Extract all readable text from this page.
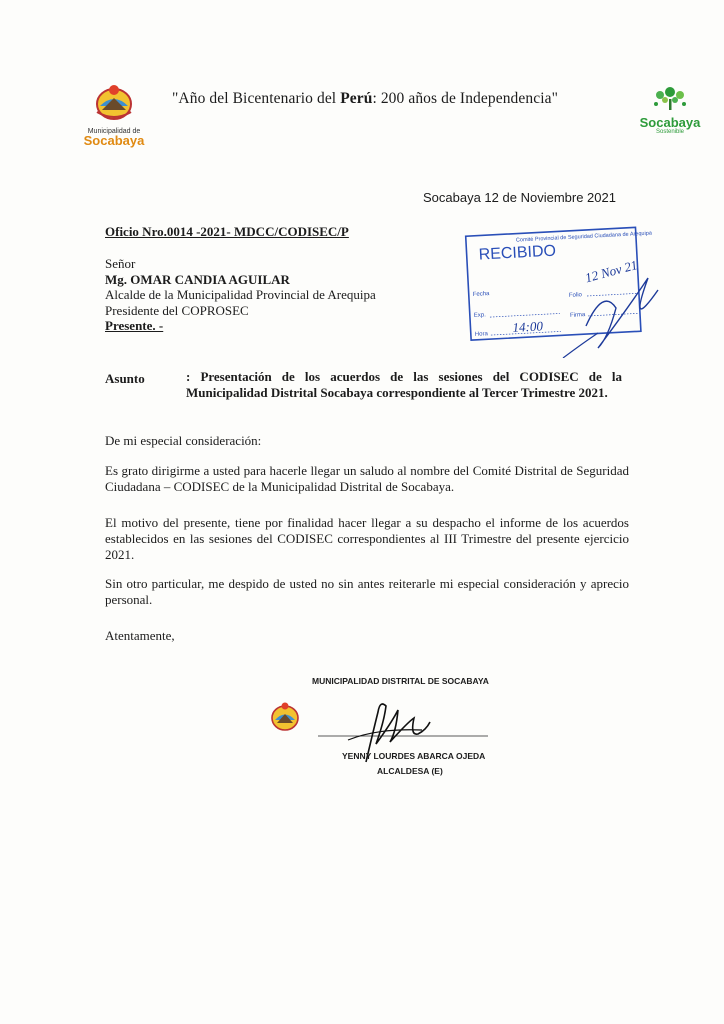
Municipalidad de
Socabaya
"Año del Bicentenario del Perú: 200 años de Independencia"
Socabaya
Sostenible
Socabaya 12 de Noviembre 2021
Oficio Nro.0014 -2021- MDCC/CODISEC/P
RECIBIDO
Comité Provincial de Seguridad Ciudadana de Arequipa
Fecha	Folio
Exp.	Firma
Hora 14:00
12 Nov 21
Señor
Mg. OMAR CANDIA AGUILAR
Alcalde de la Municipalidad Provincial de Arequipa
Presidente del COPROSEC
Presente. -
Asunto	: Presentación de los acuerdos de las sesiones del CODISEC de la Municipalidad Distrital Socabaya correspondiente al Tercer Trimestre 2021.
De mi especial consideración:
Es grato dirigirme a usted para hacerle llegar un saludo al nombre del Comité Distrital de Seguridad Ciudadana – CODISEC de la Municipalidad Distrital de Socabaya.
El motivo del presente, tiene por finalidad hacer llegar a su despacho el informe de los acuerdos establecidos en las sesiones del CODISEC correspondientes al III Trimestre del presente ejercicio 2021.
Sin otro particular, me despido de usted no sin antes reiterarle mi especial consideración y aprecio personal.
Atentamente,
MUNICIPALIDAD DISTRITAL DE SOCABAYA
YENNY LOURDES ABARCA OJEDA
ALCALDESA (E)
